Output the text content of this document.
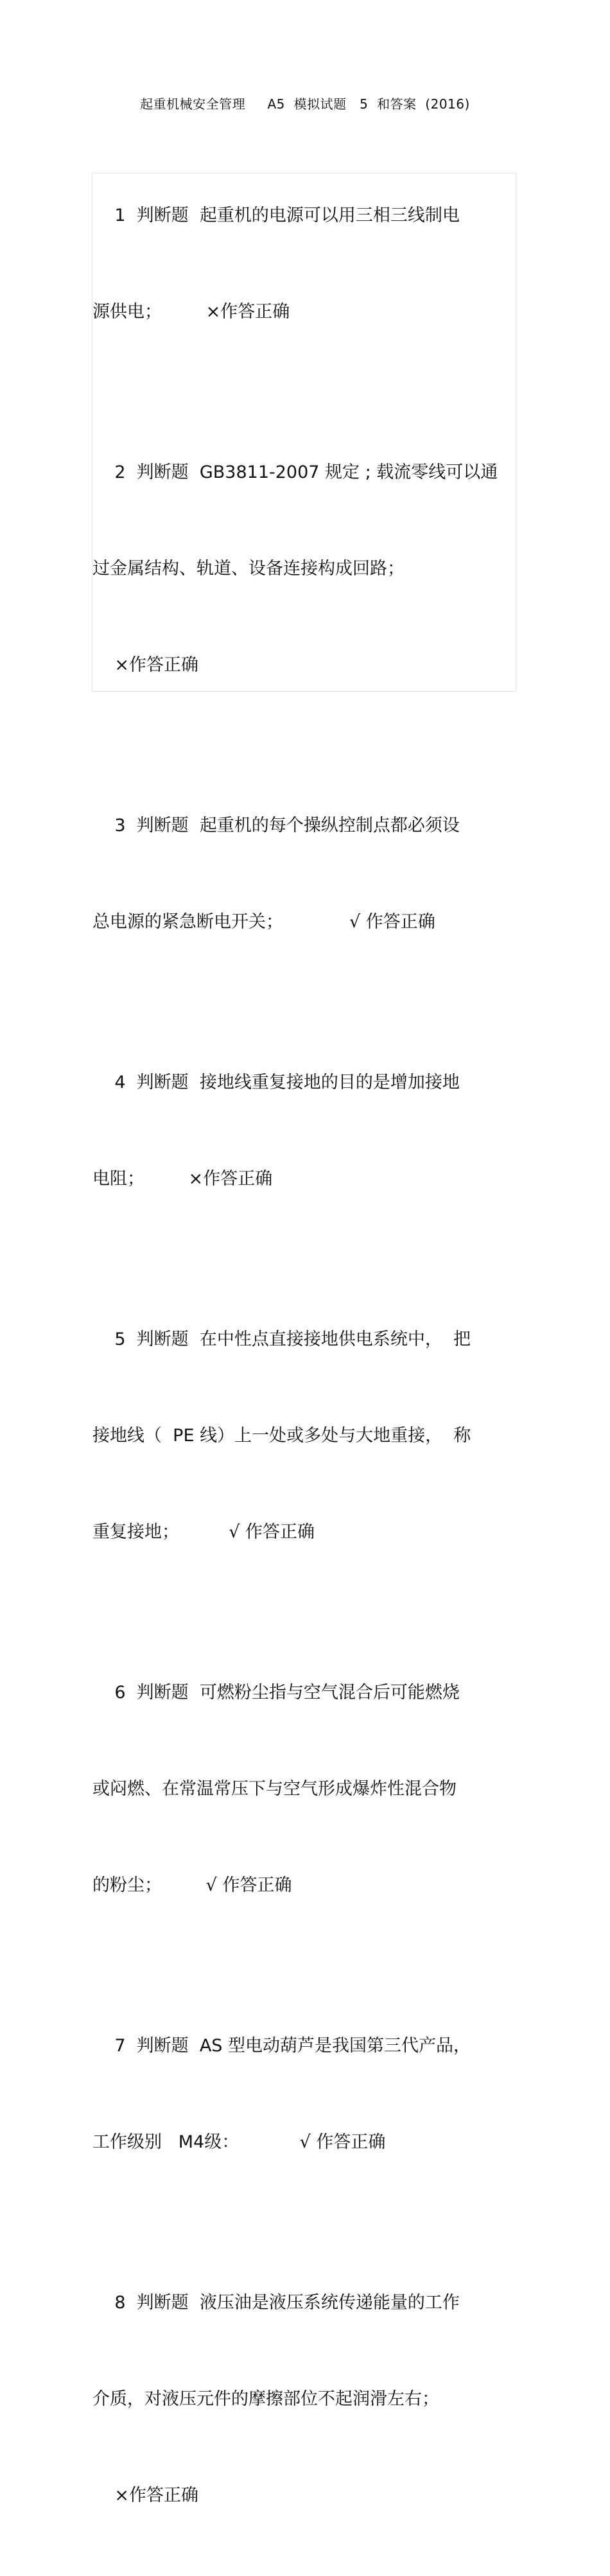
起重机械安全管理     A5  模拟试题   5  和答案  (2016)

1  判断题  起重机的电源可以用三相三线制电

源供电；        ×作答正确

2  判断题  GB3811-2007 规定 ; 载流零线可以通

过金属结构、轨道、设备连接构成回路；

×作答正确

3  判断题  起重机的每个操纵控制点都必须设

总电源的紧急断电开关；            √ 作答正确

4  判断题  接地线重复接地的目的是增加接地

电阻；        ×作答正确

5  判断题  在中性点直接接地供电系统中，  把

接地线（  PE 线）上一处或多处与大地重接，  称

重复接地；         √ 作答正确

6  判断题  可燃粉尘指与空气混合后可能燃烧

或闷燃、在常温常压下与空气形成爆炸性混合物

的粉尘；        √ 作答正确

7  判断题  AS 型电动葫芦是我国第三代产品，

工作级别   M4级：           √ 作答正确

8  判断题  液压油是液压系统传递能量的工作

介质，对液压元件的摩擦部位不起润滑左右；

×作答正确
